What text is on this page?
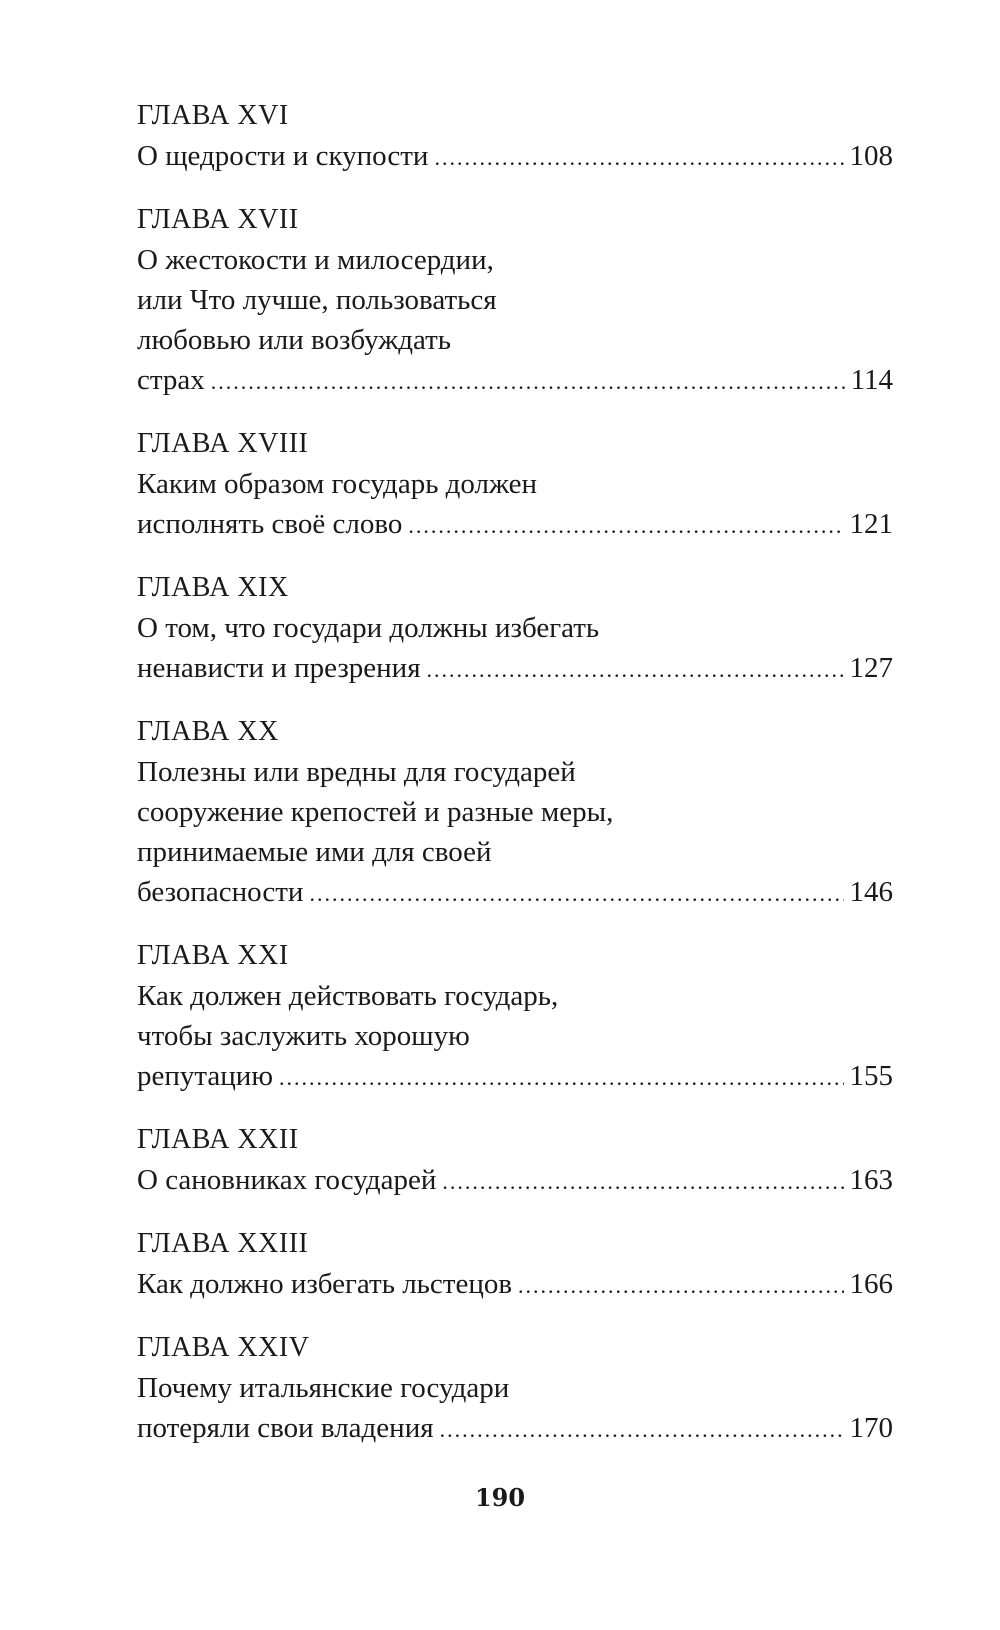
ГЛАВА XVI
О щедрости и скупости .....	108
ГЛАВА XVII
О жестокости и милосердии,
или Что лучше, пользоваться
любовью или возбуждать
страх .....	114
ГЛАВА XVIII
Каким образом государь должен
исполнять своё слово .....	121
ГЛАВА XIX
О том, что государи должны избегать
ненависти и презрения .....	127
ГЛАВА XX
Полезны или вредны для государей
сооружение крепостей и разные меры,
принимаемые ими для своей
безопасности .....	146
ГЛАВА XXI
Как должен действовать государь,
чтобы заслужить хорошую
репутацию .....	155
ГЛАВА XXII
О сановниках государей .....	163
ГЛАВА XXIII
Как должно избегать льстецов .....	166
ГЛАВА XXIV
Почему итальянские государи
потеряли свои владения .....	170
190
